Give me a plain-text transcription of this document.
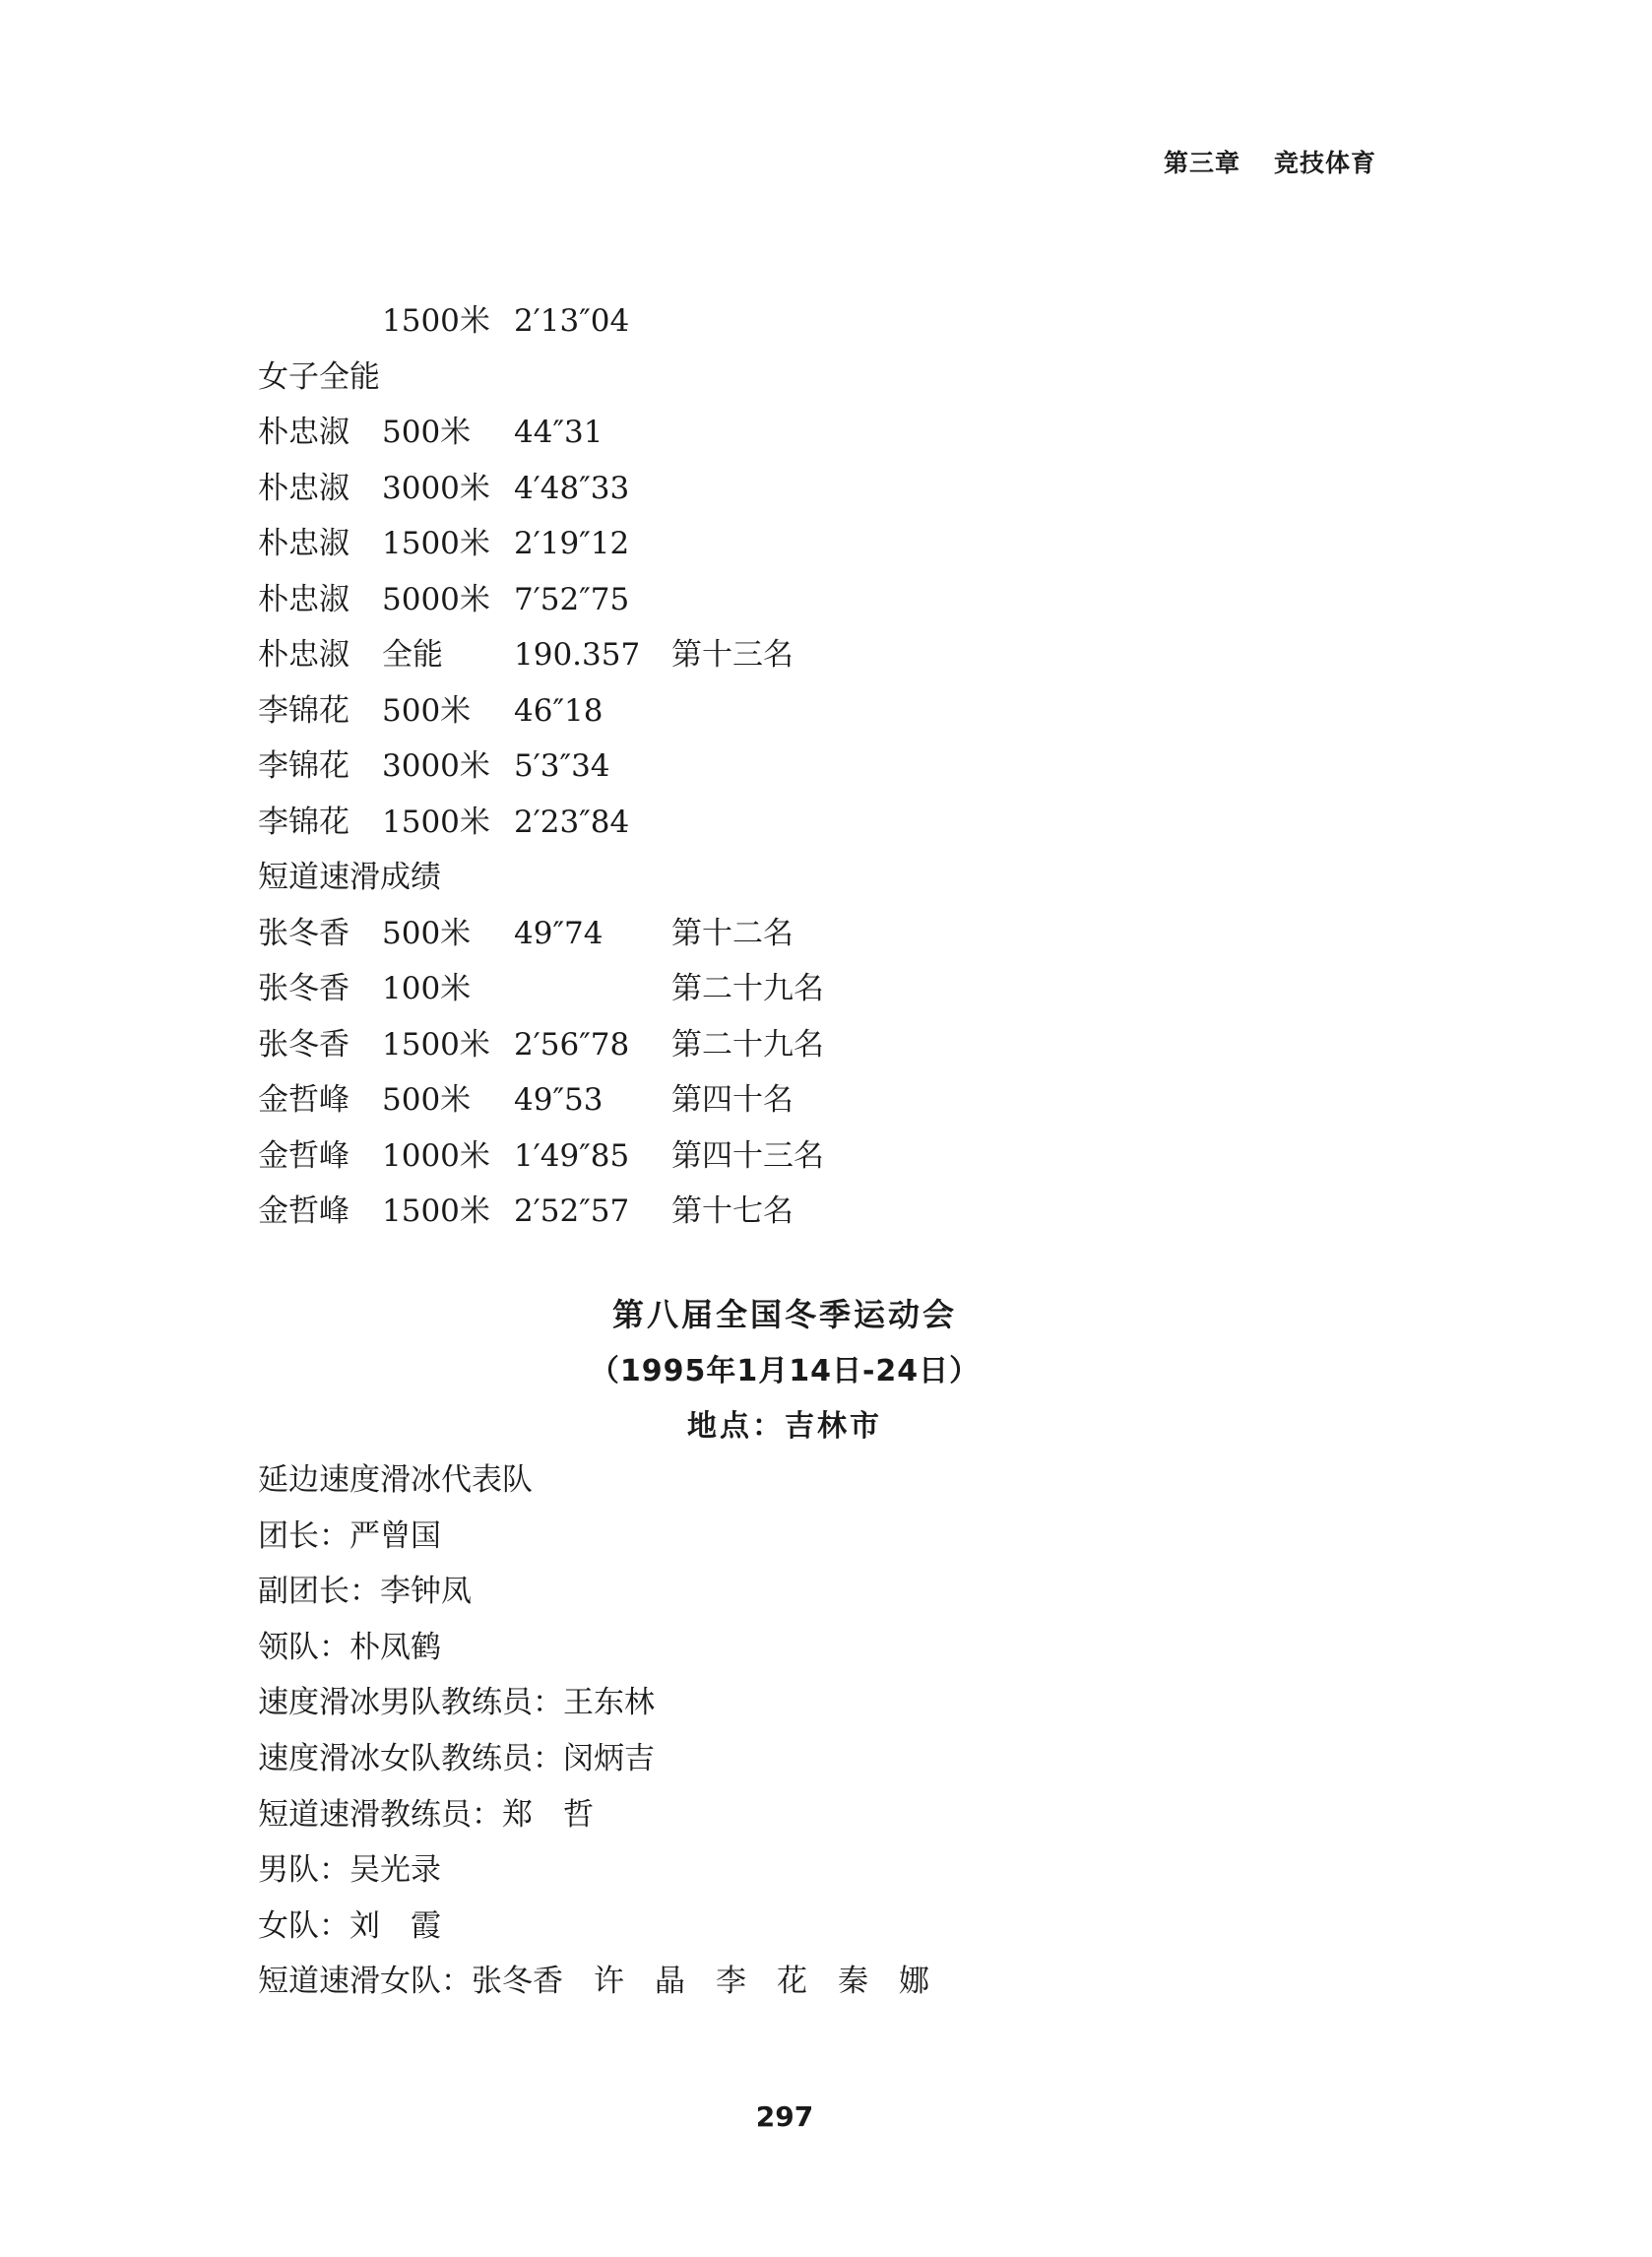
第三章 竞技体育
1500米 2′13″04
女子全能
朴忠淑 500米 44″31
朴忠淑 3000米 4′48″33
朴忠淑 1500米 2′19″12
朴忠淑 5000米 7′52″75
朴忠淑 全能 190.357 第十三名
李锦花 500米 46″18
李锦花 3000米 5′3″34
李锦花 1500米 2′23″84
短道速滑成绩
张冬香 500米 49″74 第十二名
张冬香 100米	第二十九名
张冬香 1500米 2′56″78 第二十九名
金哲峰 500米 49″53 第四十名
金哲峰 1000米 1′49″85 第四十三名
金哲峰 1500米 2′52″57 第十七名
第八届全国冬季运动会
（1995年1月14日-24日）
地点：吉林市
延边速度滑冰代表队
团长：严曾国
副团长：李钟凤
领队：朴凤鹤
速度滑冰男队教练员：王东林
速度滑冰女队教练员：闵炳吉
短道速滑教练员：郑　哲
男队：吴光录
女队：刘　霞
短道速滑女队：张冬香　许　晶　李　花　秦　娜
297
